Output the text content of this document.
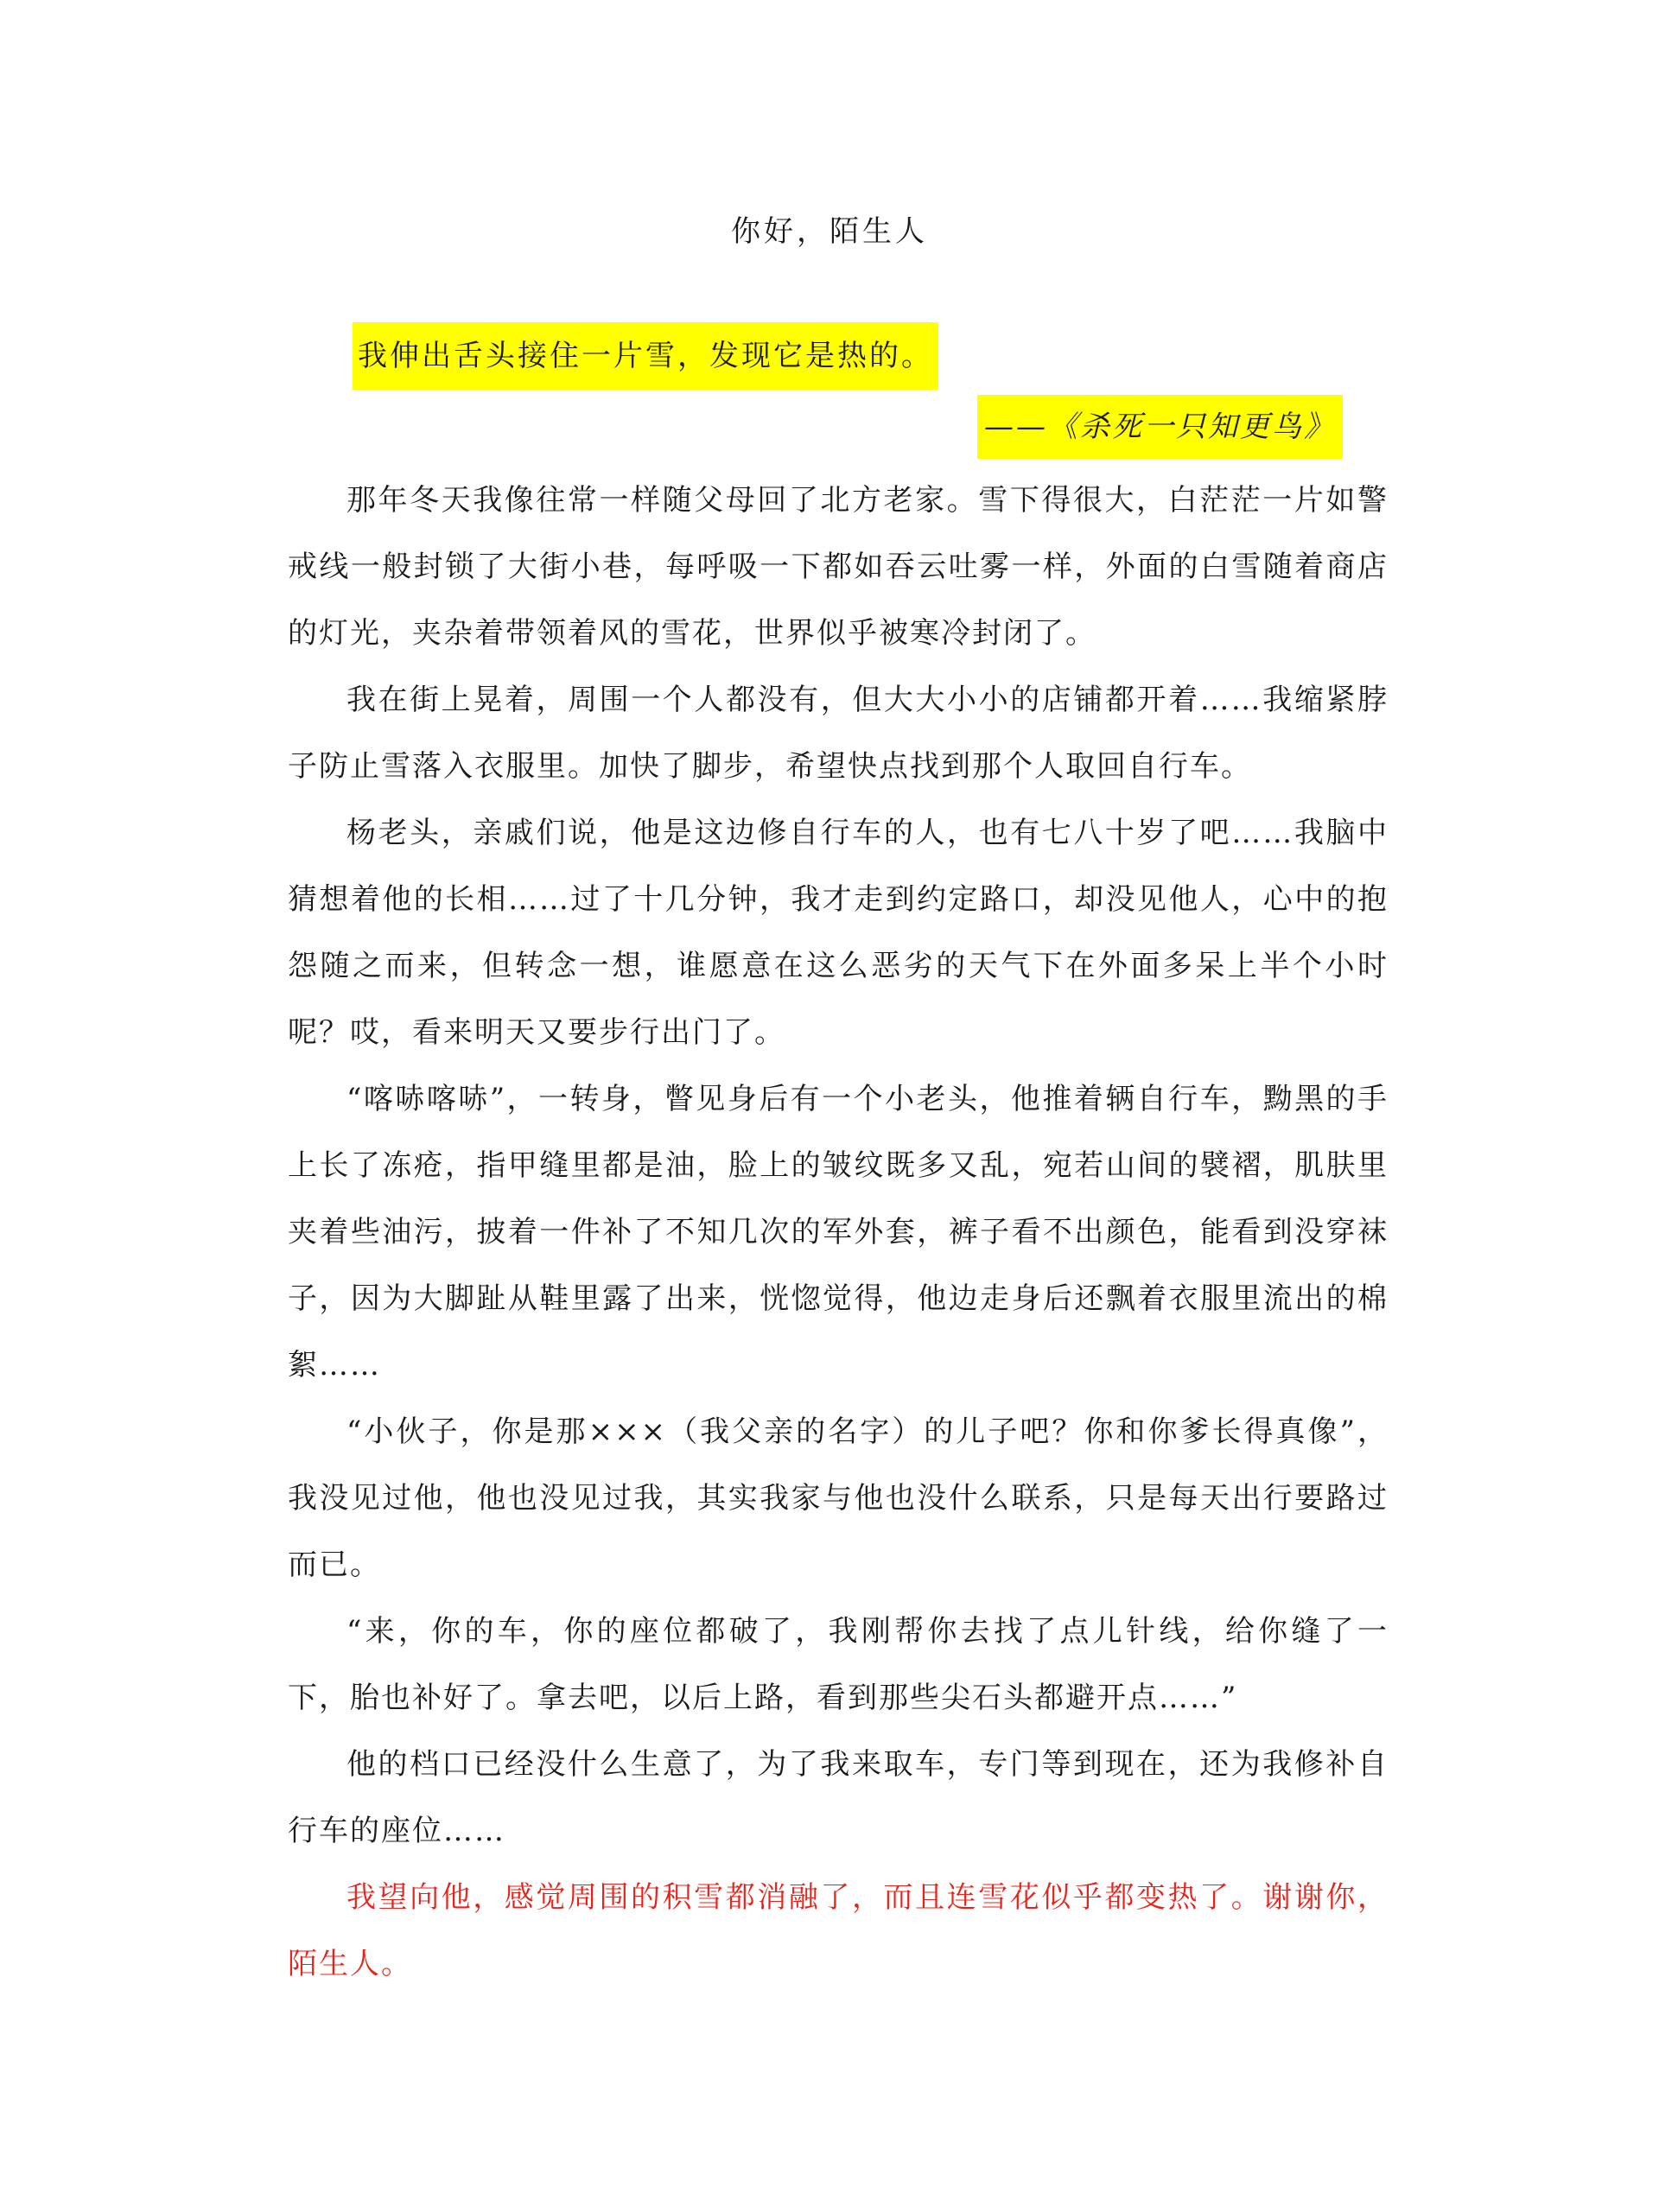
你好，陌生人
我伸出舌头接住一片雪，发现它是热的。
——《杀死一只知更鸟》

那年冬天我像往常一样随父母回了北方老家。雪下得很大，白茫茫一片如警戒线一般封锁了大街小巷，每呼吸一下都如吞云吐雾一样，外面的白雪随着商店的灯光，夹杂着带领着风的雪花，世界似乎被寒冷封闭了。

我在街上晃着，周围一个人都没有，但大大小小的店铺都开着……我缩紧脖子防止雪落入衣服里。加快了脚步，希望快点找到那个人取回自行车。

杨老头，亲戚们说，他是这边修自行车的人，也有七八十岁了吧……我脑中猜想着他的长相……过了十几分钟，我才走到约定路口，却没见他人，心中的抱怨随之而来，但转念一想，谁愿意在这么恶劣的天气下在外面多呆上半个小时呢？哎，看来明天又要步行出门了。

“喀哧喀哧”，一转身，瞥见身后有一个小老头，他推着辆自行车，黝黑的手上长了冻疮，指甲缝里都是油，脸上的皱纹既多又乱，宛若山间的襞褶，肌肤里夹着些油污，披着一件补了不知几次的军外套，裤子看不出颜色，能看到没穿袜子，因为大脚趾从鞋里露了出来，恍惚觉得，他边走身后还飘着衣服里流出的棉絮……

“小伙子，你是那×××（我父亲的名字）的儿子吧？你和你爹长得真像”，我没见过他，他也没见过我，其实我家与他也没什么联系，只是每天出行要路过而已。

“来，你的车，你的座位都破了，我刚帮你去找了点儿针线，给你缝了一下，胎也补好了。拿去吧，以后上路，看到那些尖石头都避开点……”

他的档口已经没什么生意了，为了我来取车，专门等到现在，还为我修补自行车的座位……

我望向他，感觉周围的积雪都消融了，而且连雪花似乎都变热了。谢谢你，陌生人。
